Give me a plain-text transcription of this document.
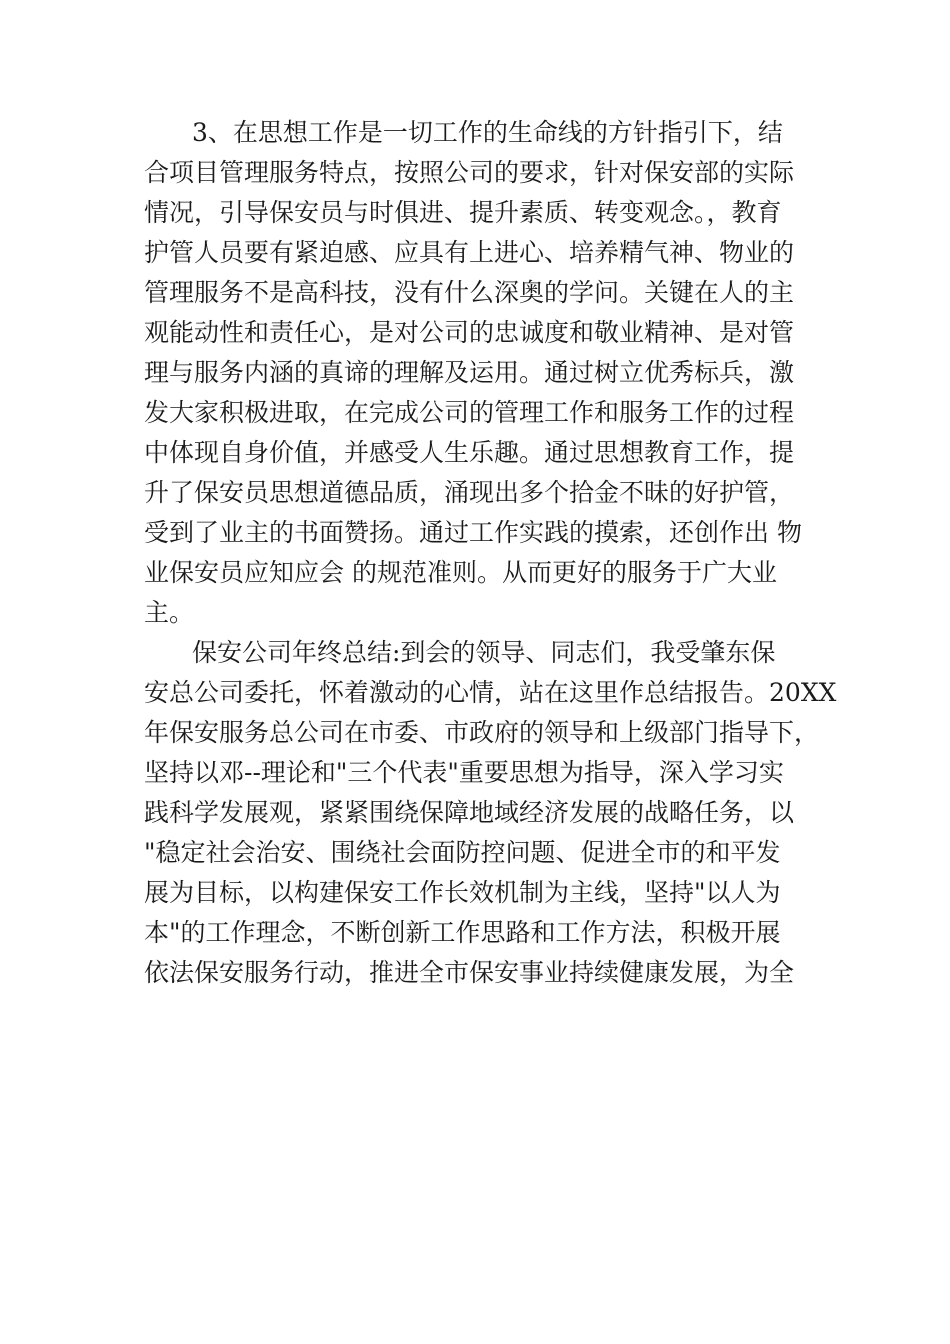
3、在思想工作是一切工作的生命线的方针指引下，结
合项目管理服务特点，按照公司的要求，针对保安部的实际
情况，引导保安员与时俱进、提升素质、转变观念。，教育
护管人员要有紧迫感、应具有上进心、培养精气神、物业的
管理服务不是高科技，没有什么深奥的学问。关键在人的主
观能动性和责任心，是对公司的忠诚度和敬业精神、是对管
理与服务内涵的真谛的理解及运用。通过树立优秀标兵，激
发大家积极进取，在完成公司的管理工作和服务工作的过程
中体现自身价值，并感受人生乐趣。通过思想教育工作，提
升了保安员思想道德品质，涌现出多个拾金不昧的好护管，
受到了业主的书面赞扬。通过工作实践的摸索，还创作出 物
业保安员应知应会 的规范准则。从而更好的服务于广大业
主。
保安公司年终总结:到会的领导、同志们，我受肇东保
安总公司委托，怀着激动的心情，站在这里作总结报告。20XX
年保安服务总公司在市委、市政府的领导和上级部门指导下，
坚持以邓--理论和"三个代表"重要思想为指导，深入学习实
践科学发展观，紧紧围绕保障地域经济发展的战略任务，以
"稳定社会治安、围绕社会面防控问题、促进全市的和平发
展为目标，以构建保安工作长效机制为主线，坚持"以人为
本"的工作理念，不断创新工作思路和工作方法，积极开展
依法保安服务行动，推进全市保安事业持续健康发展，为全
